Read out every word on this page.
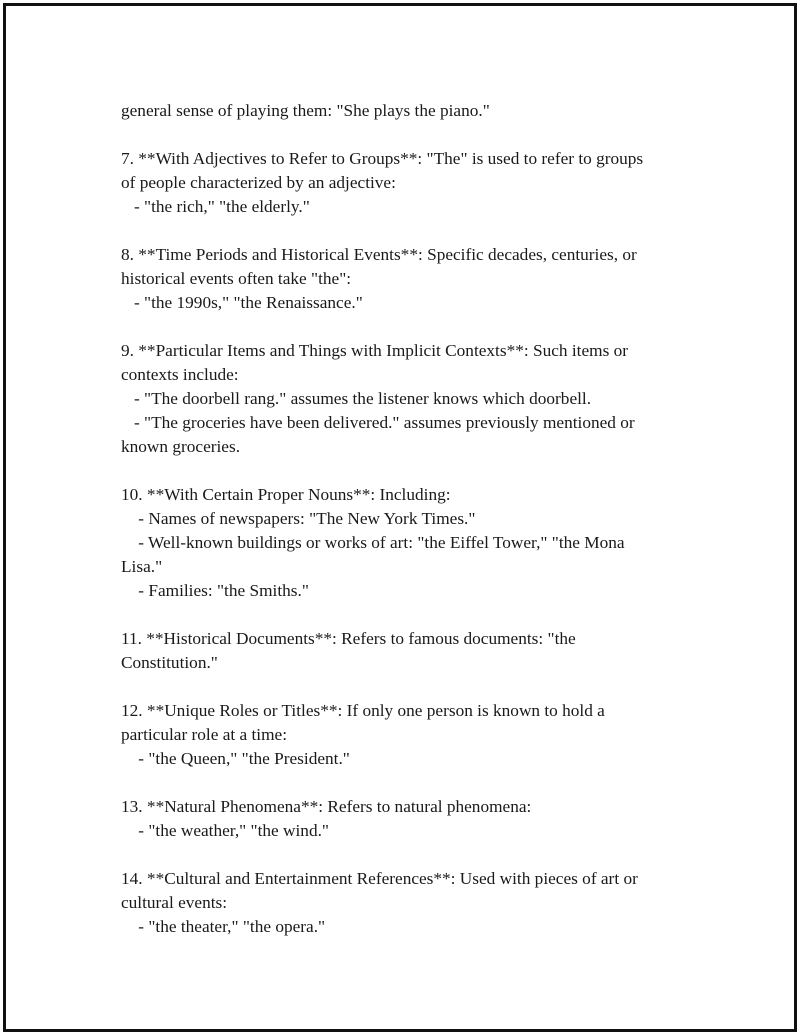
general sense of playing them: "She plays the piano."
7. **With Adjectives to Refer to Groups**: "The" is used to refer to groups
of people characterized by an adjective:
- "the rich," "the elderly."
8. **Time Periods and Historical Events**: Specific decades, centuries, or
historical events often take "the":
- "the 1990s," "the Renaissance."
9. **Particular Items and Things with Implicit Contexts**: Such items or
contexts include:
- "The doorbell rang." assumes the listener knows which doorbell.
- "The groceries have been delivered." assumes previously mentioned or
known groceries.
10. **With Certain Proper Nouns**: Including:
- Names of newspapers: "The New York Times."
- Well-known buildings or works of art: "the Eiffel Tower," "the Mona
Lisa."
- Families: "the Smiths."
11. **Historical Documents**: Refers to famous documents: "the
Constitution."
12. **Unique Roles or Titles**: If only one person is known to hold a
particular role at a time:
- "the Queen," "the President."
13. **Natural Phenomena**: Refers to natural phenomena:
- "the weather," "the wind."
14. **Cultural and Entertainment References**: Used with pieces of art or
cultural events:
- "the theater," "the opera."
